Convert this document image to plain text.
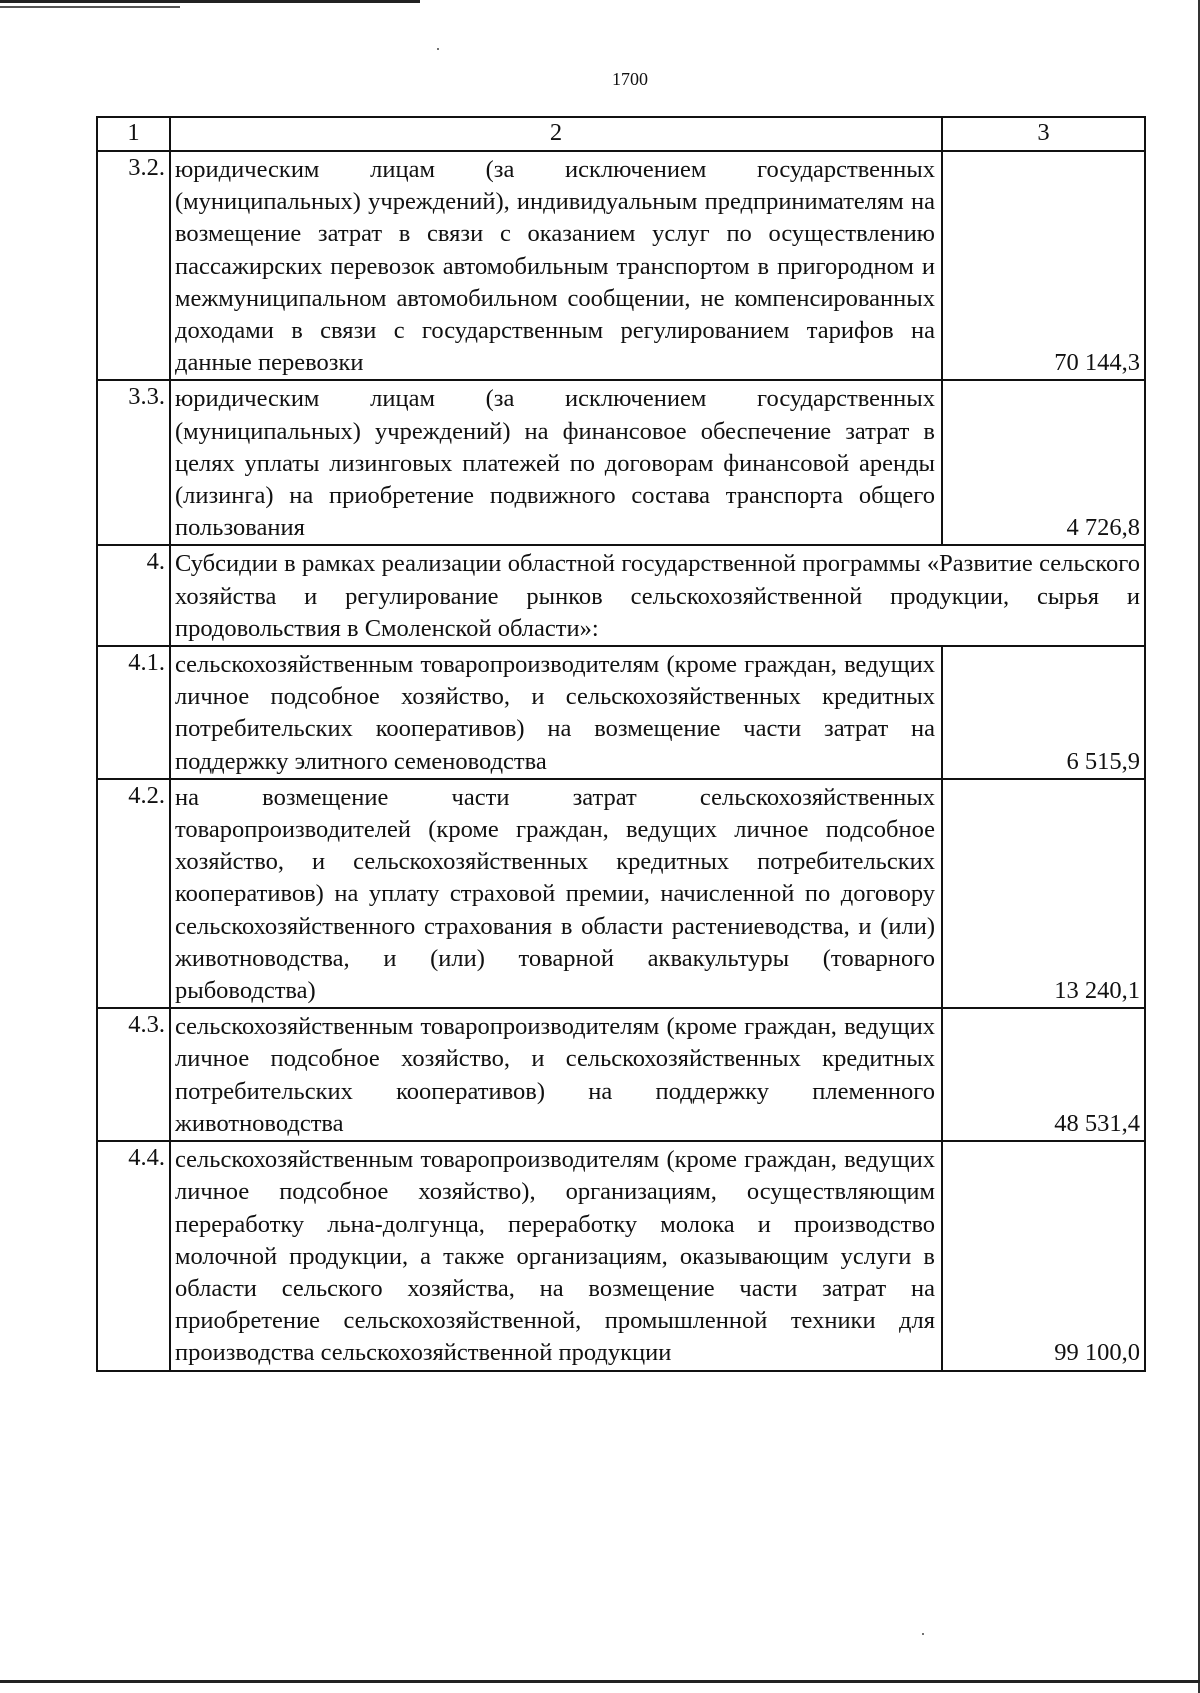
1700
1	2	3
3.2.	юридическим лицам (за исключением государственных (муниципальных) учреждений), индивидуальным предпринимателям на возмещение затрат в связи с оказанием услуг по осуществлению пассажирских перевозок автомобильным транспортом в пригородном и межмуниципальном автомобильном сообщении, не компенсированных доходами в связи с государственным регулированием тарифов на данные перевозки	70 144,3
3.3.	юридическим лицам (за исключением государственных (муниципальных) учреждений) на финансовое обеспечение затрат в целях уплаты лизинговых платежей по договорам финансовой аренды (лизинга) на приобретение подвижного состава транспорта общего пользования	4 726,8
4.	Субсидии в рамках реализации областной государственной программы «Развитие сельского хозяйства и регулирование рынков сельскохозяйственной продукции, сырья и продовольствия в Смоленской области»:	
4.1.	сельскохозяйственным товаропроизводителям (кроме граждан, ведущих личное подсобное хозяйство, и сельскохозяйственных кредитных потребительских кооперативов) на возмещение части затрат на поддержку элитного семеноводства	6 515,9
4.2.	на возмещение части затрат сельскохозяйственных товаропроизводителей (кроме граждан, ведущих личное подсобное хозяйство, и сельскохозяйственных кредитных потребительских кооперативов) на уплату страховой премии, начисленной по договору сельскохозяйственного страхования в области растениеводства, и (или) животноводства, и (или) товарной аквакультуры (товарного рыбоводства)	13 240,1
4.3.	сельскохозяйственным товаропроизводителям (кроме граждан, ведущих личное подсобное хозяйство, и сельскохозяйственных кредитных потребительских кооперативов) на поддержку племенного животноводства	48 531,4
4.4.	сельскохозяйственным товаропроизводителям (кроме граждан, ведущих личное подсобное хозяйство), организациям, осуществляющим переработку льна-долгунца, переработку молока и производство молочной продукции, а также организациям, оказывающим услуги в области сельского хозяйства, на возмещение части затрат на приобретение сельскохозяйственной, промышленной техники для производства сельскохозяйственной продукции	99 100,0
